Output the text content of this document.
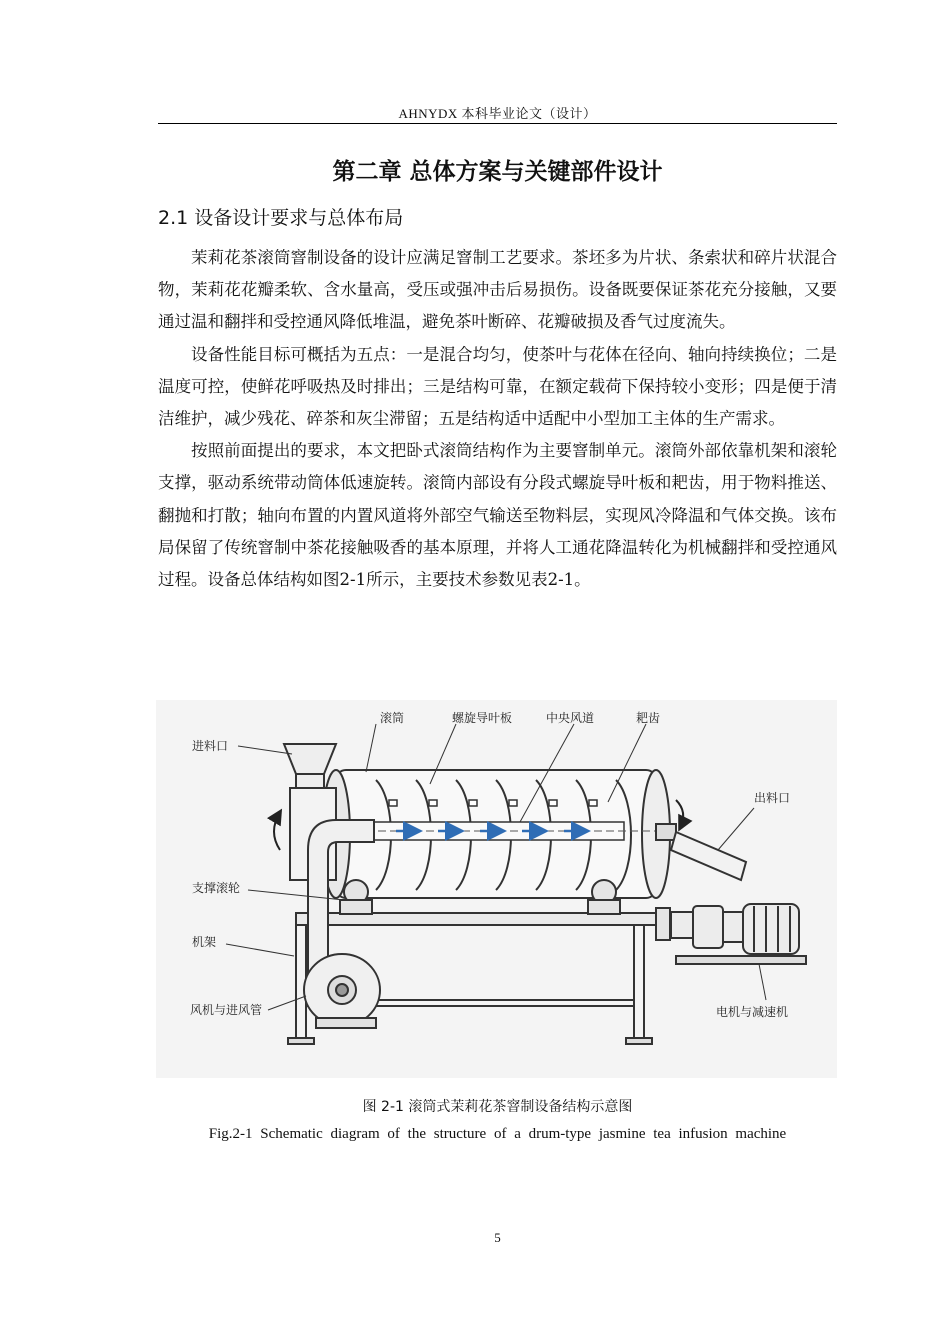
AHNYDX 本科毕业论文（设计）
第二章 总体方案与关键部件设计
2.1 设备设计要求与总体布局

茉莉花茶滚筒窨制设备的设计应满足窨制工艺要求。茶坯多为片状、条索状和碎片状混合物，茉莉花花瓣柔软、含水量高，受压或强冲击后易损伤。设备既要保证茶花充分接触，又要通过温和翻拌和受控通风降低堆温，避免茶叶断碎、花瓣破损及香气过度流失。

设备性能目标可概括为五点：一是混合均匀，使茶叶与花体在径向、轴向持续换位；二是温度可控，使鲜花呼吸热及时排出；三是结构可靠，在额定载荷下保持较小变形；四是便于清洁维护，减少残花、碎茶和灰尘滞留；五是结构适中适配中小型加工主体的生产需求。

按照前面提出的要求，本文把卧式滚筒结构作为主要窨制单元。滚筒外部依靠机架和滚轮支撑，驱动系统带动筒体低速旋转。滚筒内部设有分段式螺旋导叶板和耙齿，用于物料推送、翻抛和打散；轴向布置的内置风道将外部空气输送至物料层，实现风冷降温和气体交换。该布局保留了传统窨制中茶花接触吸香的基本原理，并将人工通花降温转化为机械翻拌和受控通风过程。设备总体结构如图2-1所示，主要技术参数见表2-1。

进料口
滚筒	螺旋导叶板	中央风道	耙齿
出料口
支撑滚轮
机架
风机与进风管	电机与减速机
图 2-1 滚筒式茉莉花茶窨制设备结构示意图
Fig.2-1 Schematic diagram of the structure of a drum-type jasmine tea infusion machine
5
